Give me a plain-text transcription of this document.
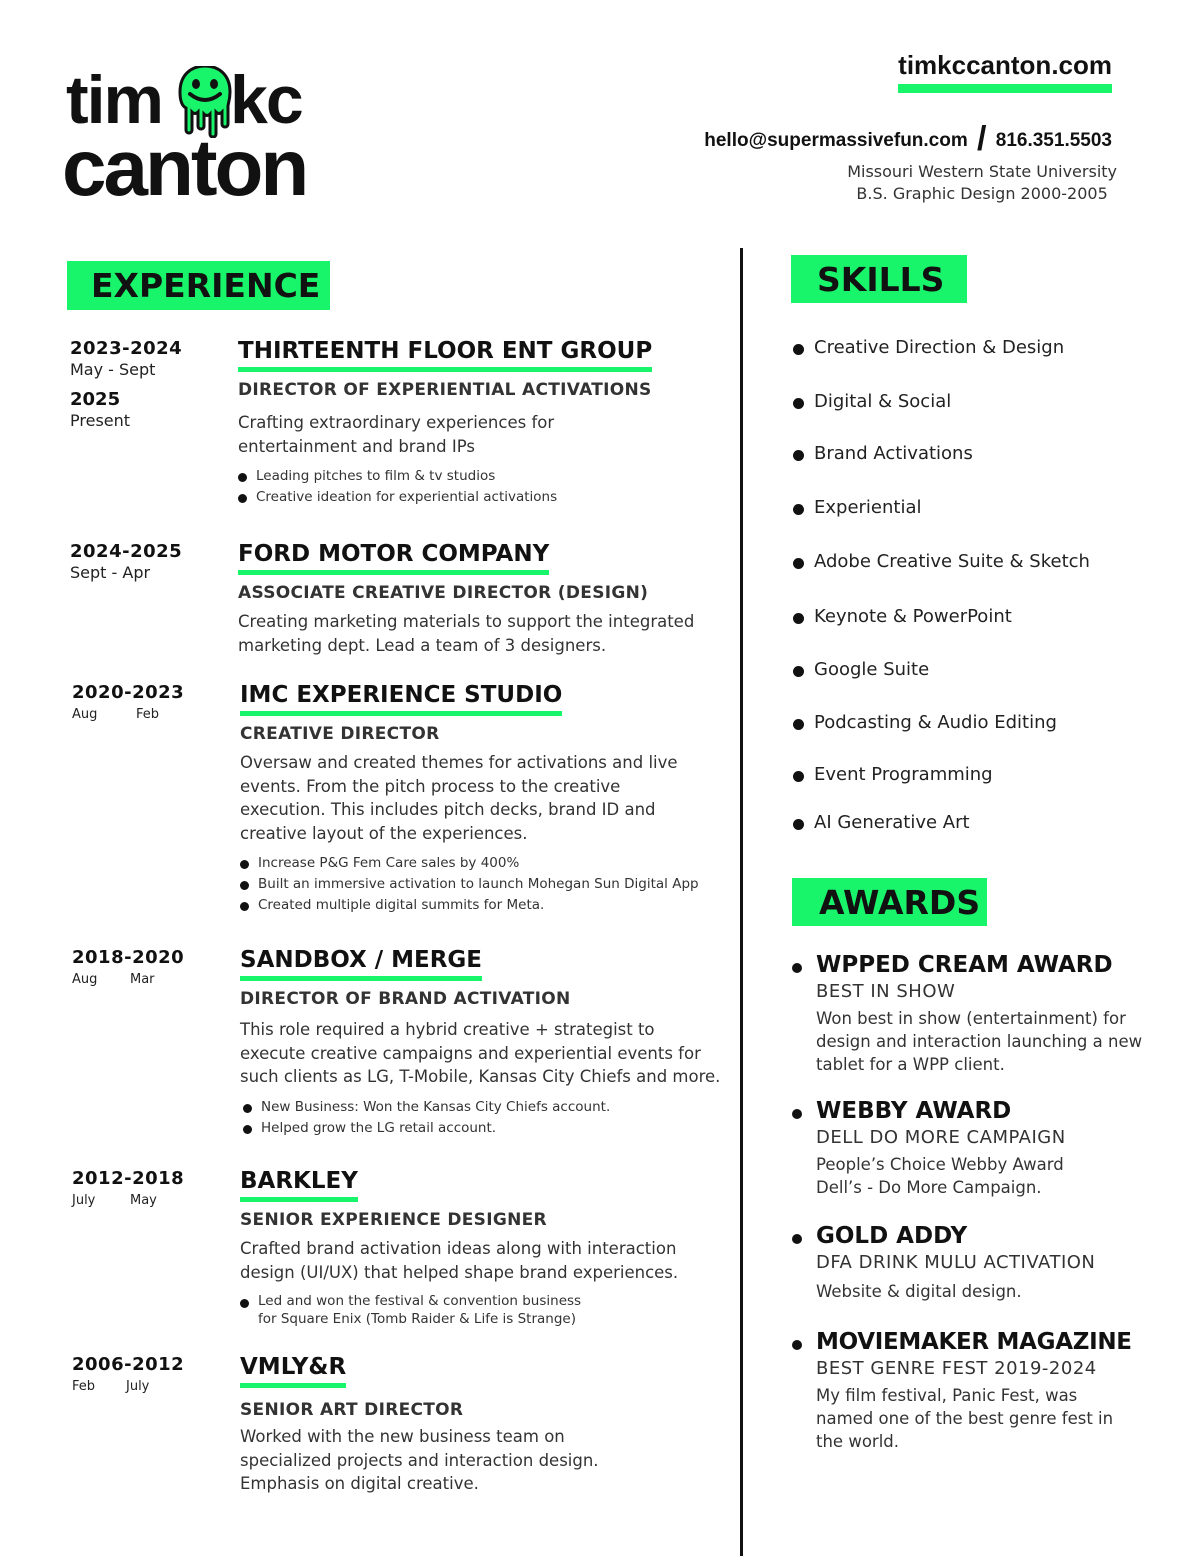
tim kc
canton
timkccanton.com
hello@supermassivefun.com / 816.351.5503
Missouri Western State University
B.S. Graphic Design 2000-2005
EXPERIENCE
2023-2024
May - Sept
2025
Present
THIRTEENTH FLOOR ENT GROUP
DIRECTOR OF EXPERIENTIAL ACTIVATIONS
Crafting extraordinary experiences for entertainment and brand IPs
Leading pitches to film & tv studios
Creative ideation for experiential activations
2024-2025
Sept - Apr
FORD MOTOR COMPANY
ASSOCIATE CREATIVE DIRECTOR (DESIGN)
Creating marketing materials to support the integrated marketing dept. Lead a team of 3 designers.
2020-2023
Aug	Feb
IMC EXPERIENCE STUDIO
CREATIVE DIRECTOR
Oversaw and created themes for activations and live events. From the pitch process to the creative execution. This includes pitch decks, brand ID and creative layout of the experiences.
Increase P&G Fem Care sales by 400%
Built an immersive activation to launch Mohegan Sun Digital App
Created multiple digital summits for Meta.
2018-2020
Aug	Mar
SANDBOX / MERGE
DIRECTOR OF BRAND ACTIVATION
This role required a hybrid creative + strategist to execute creative campaigns and experiential events for such clients as LG, T-Mobile, Kansas City Chiefs and more.
New Business: Won the Kansas City Chiefs account.
Helped grow the LG retail account.
2012-2018
July	May
BARKLEY
SENIOR EXPERIENCE DESIGNER
Crafted brand activation ideas along with interaction design (UI/UX) that helped shape brand experiences.
Led and won the festival & convention business for Square Enix (Tomb Raider & Life is Strange)
2006-2012
Feb	July
VMLY&R
SENIOR ART DIRECTOR
Worked with the new business team on specialized projects and interaction design. Emphasis on digital creative.
SKILLS
Creative Direction & Design
Digital & Social
Brand Activations
Experiential
Adobe Creative Suite & Sketch
Keynote & PowerPoint
Google Suite
Podcasting & Audio Editing
Event Programming
AI Generative Art
AWARDS
WPPED CREAM AWARD
BEST IN SHOW
Won best in show (entertainment) for design and interaction launching a new tablet for a WPP client.
WEBBY AWARD
DELL DO MORE CAMPAIGN
People’s Choice Webby Award Dell’s - Do More Campaign.
GOLD ADDY
DFA DRINK MULU ACTIVATION
Website & digital design.
MOVIEMAKER MAGAZINE
BEST GENRE FEST 2019-2024
My film festival, Panic Fest, was named one of the best genre fest in the world.
